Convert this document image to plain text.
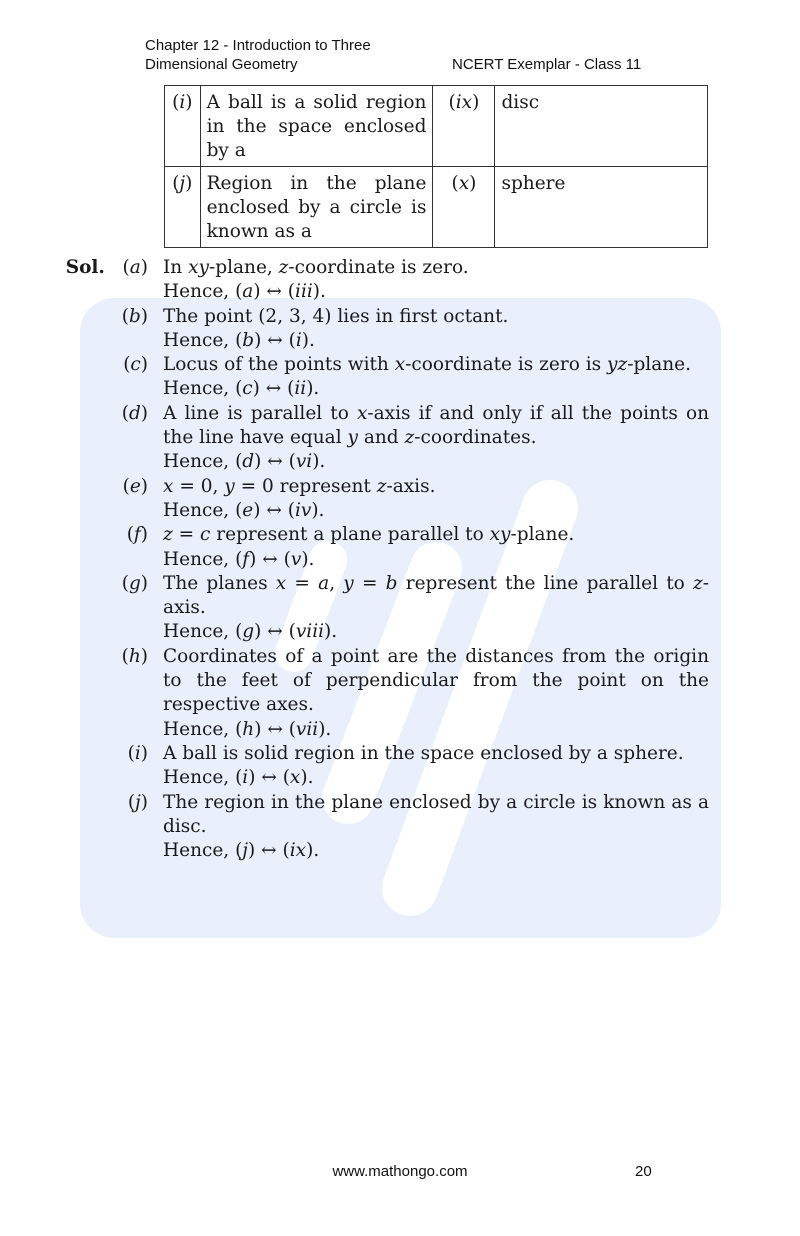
Chapter 12 - Introduction to Three
Dimensional Geometry	NCERT Exemplar - Class 11
(i)	A ball is a solid region in the space enclosed by a	(ix)	disc
(j)	Region in the plane enclosed by a circle is known as a	(x)	sphere
Sol. (a) In xy-plane, z-coordinate is zero.
Hence, (a) ↔ (iii).
(b) The point (2, 3, 4) lies in first octant.
Hence, (b) ↔ (i).
(c) Locus of the points with x-coordinate is zero is yz-plane.
Hence, (c) ↔ (ii).
(d) A line is parallel to x-axis if and only if all the points on the line have equal y and z-coordinates.
Hence, (d) ↔ (vi).
(e) x = 0, y = 0 represent z-axis.
Hence, (e) ↔ (iv).
(f) z = c represent a plane parallel to xy-plane.
Hence, (f) ↔ (v).
(g) The planes x = a, y = b represent the line parallel to z-axis.
Hence, (g) ↔ (viii).
(h) Coordinates of a point are the distances from the origin to the feet of perpendicular from the point on the respective axes.
Hence, (h) ↔ (vii).
(i) A ball is solid region in the space enclosed by a sphere.
Hence, (i) ↔ (x).
(j) The region in the plane enclosed by a circle is known as a disc.
Hence, (j) ↔ (ix).
www.mathongo.com	20
